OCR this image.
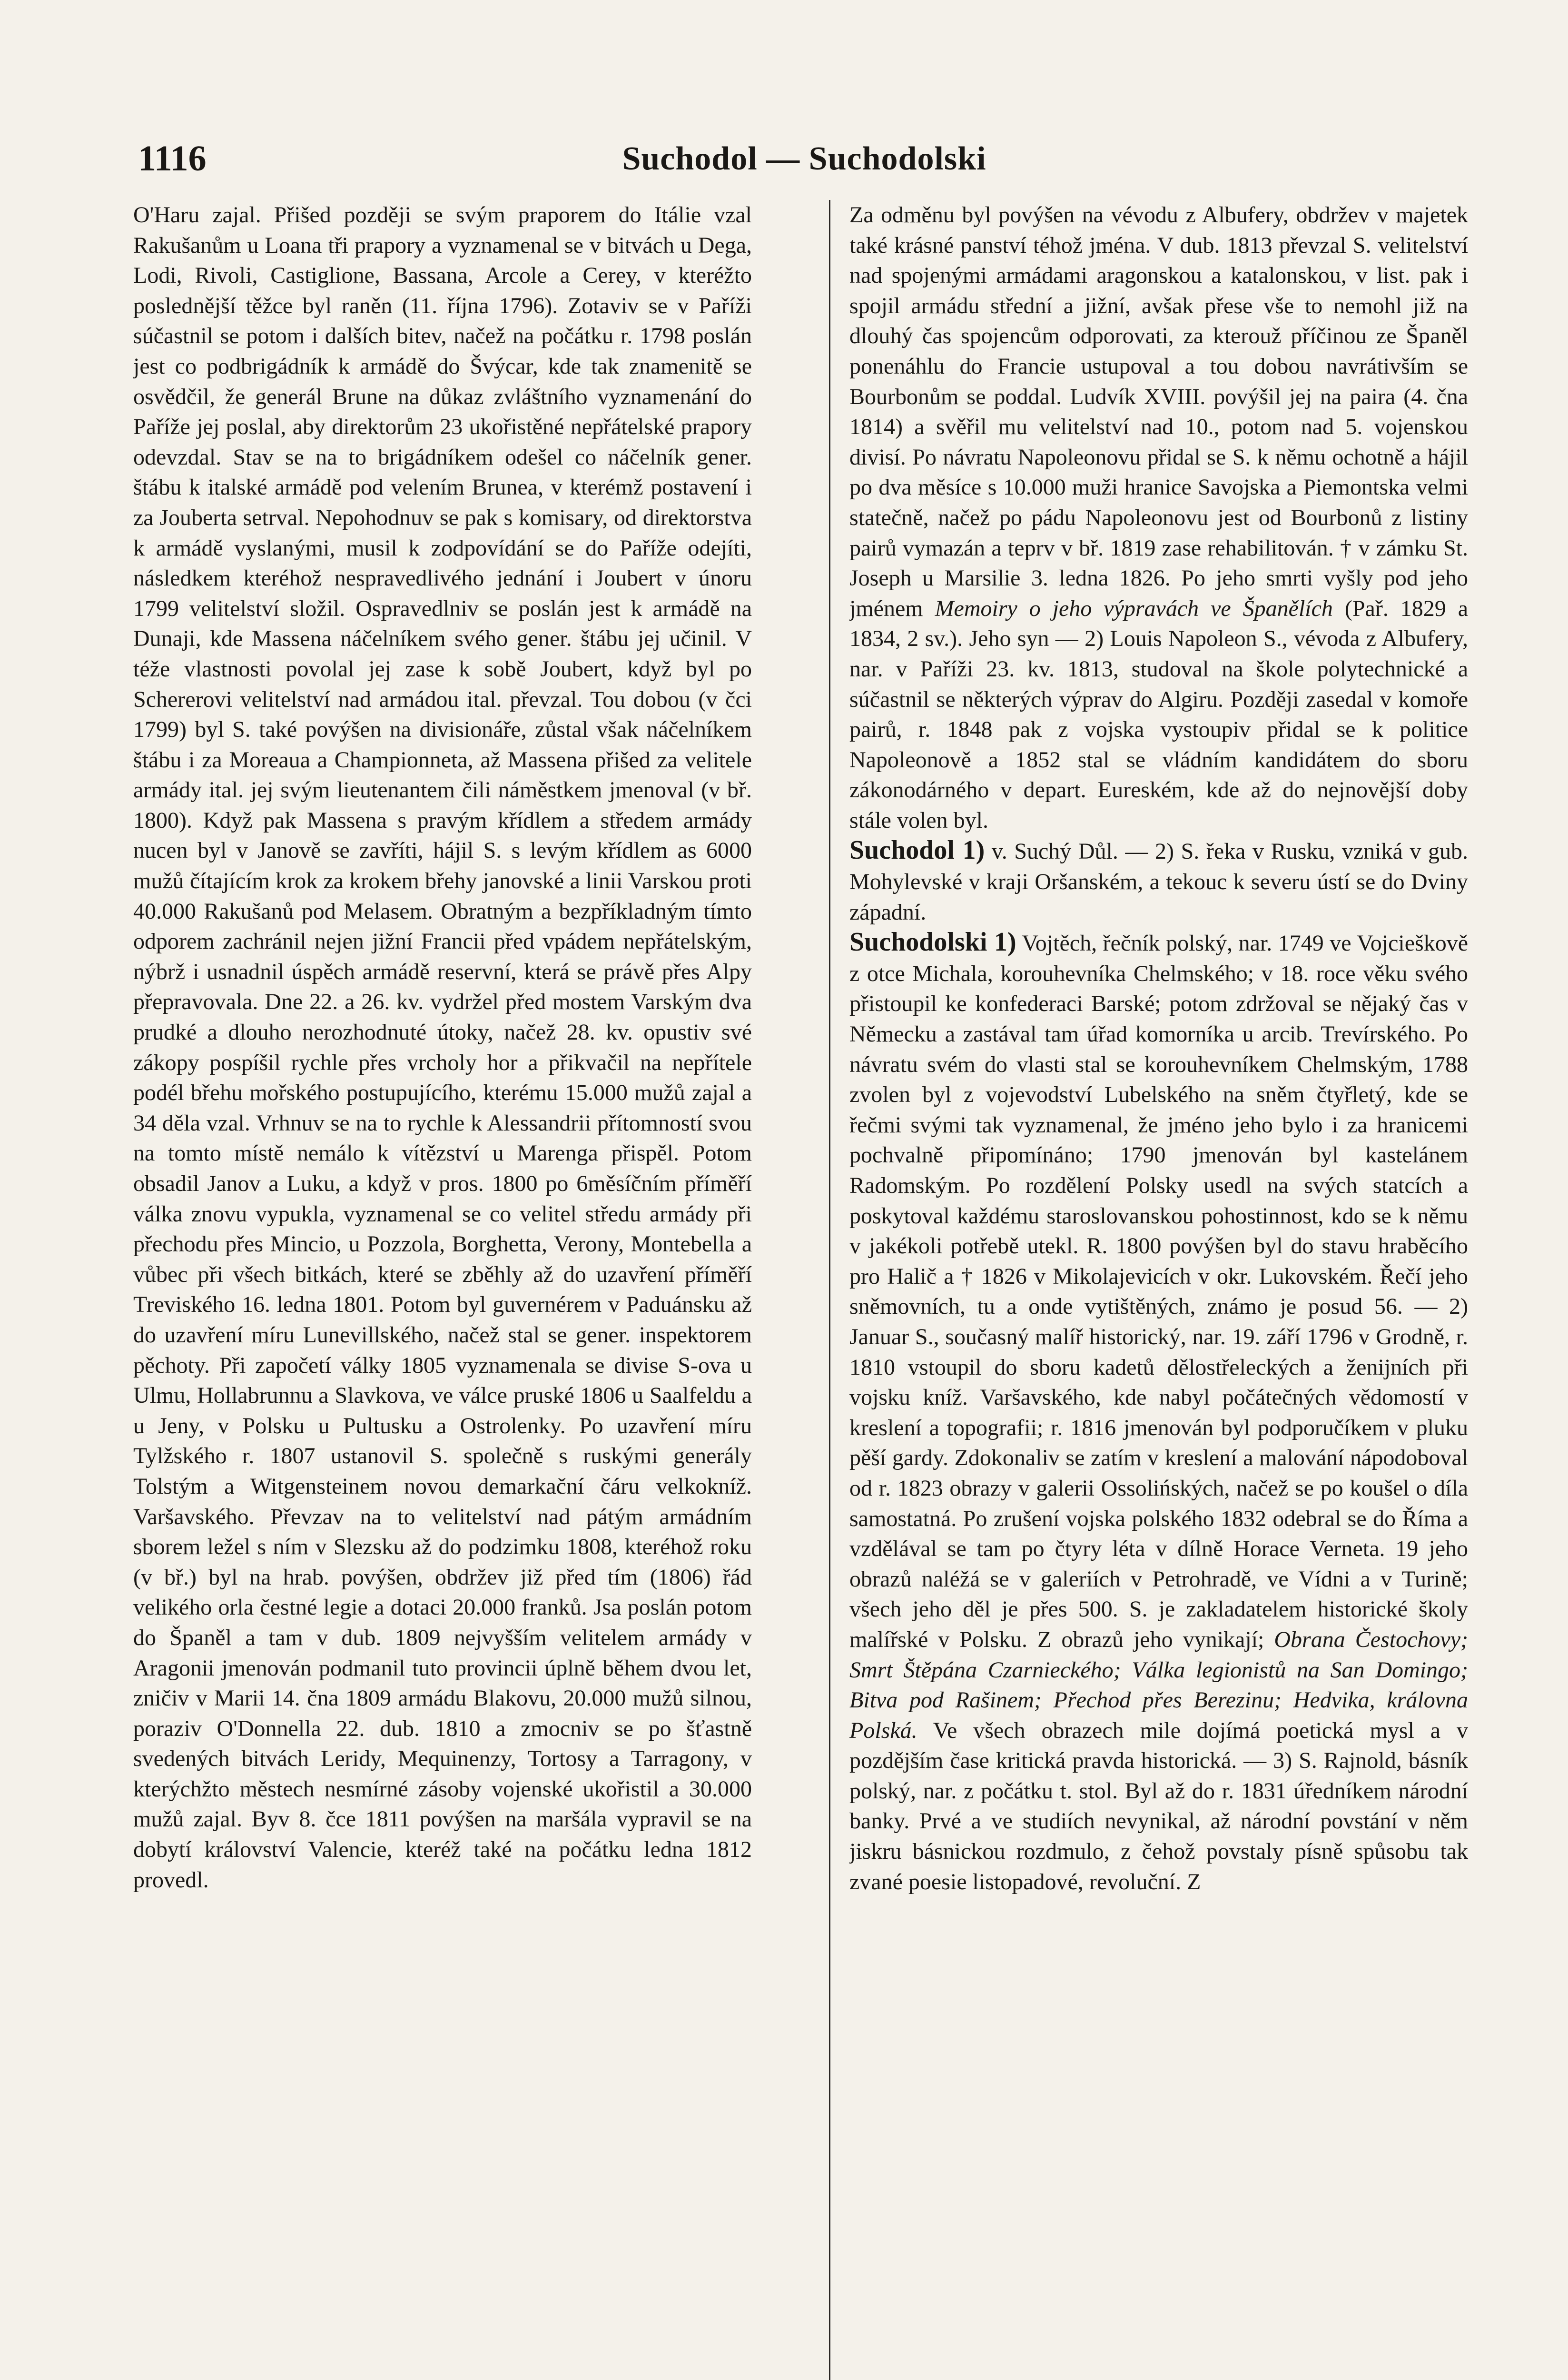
1116	Suchodol — Suchodolski

O'Haru zajal. Přišed později se svým praporem do Itálie vzal Rakušanům u Loana tři prapory a vyznamenal se v bitvách u Dega, Lodi, Rivoli, Castiglione, Bassana, Arcole a Cerey, v kteréžto poslednější těžce byl raněn (11. října 1796). Zotaviv se v Paříži súčastnil se potom i dalších bitev, načež na počátku r. 1798 poslán jest co podbrigádník k armádě do Švýcar, kde tak znamenitě se osvědčil, že generál Brune na důkaz zvláštního vyznamenání do Paříže jej poslal, aby direktorům 23 ukořistěné nepřátelské prapory odevzdal. Stav se na to brigádníkem odešel co náčelník gener. štábu k italské armádě pod velením Brunea, v kterémž postavení i za Jouberta setrval. Nepohodnuv se pak s komisary, od direktorstva k armádě vyslanými, musil k zodpovídání se do Paříže odejíti, následkem kteréhož nespravedlivého jednání i Joubert v únoru 1799 velitelství složil. Ospravedlniv se poslán jest k armádě na Dunaji, kde Massena náčelníkem svého gener. štábu jej učinil. V téže vlastnosti povolal jej zase k sobě Joubert, když byl po Schererovi velitelství nad armádou ital. převzal. Tou dobou (v čci 1799) byl S. také povýšen na divisionáře, zůstal však náčelníkem štábu i za Moreaua a Championneta, až Massena přišed za velitele armády ital. jej svým lieutenantem čili náměstkem jmenoval (v bř. 1800). Když pak Massena s pravým křídlem a středem armády nucen byl v Janově se zavříti, hájil S. s levým křídlem as 6000 mužů čítajícím krok za krokem břehy janovské a linii Varskou proti 40.000 Rakušanů pod Melasem. Obratným a bezpříkladným tímto odporem zachránil nejen jižní Francii před vpádem nepřátelským, nýbrž i usnadnil úspěch armádě reservní, která se právě přes Alpy přepravovala. Dne 22. a 26. kv. vydržel před mostem Varským dva prudké a dlouho nerozhodnuté útoky, načež 28. kv. opustiv své zákopy pospíšil rychle přes vrcholy hor a přikvačil na nepřítele podél břehu mořského postupujícího, kterému 15.000 mužů zajal a 34 děla vzal. Vrhnuv se na to rychle k Alessandrii přítomností svou na tomto místě nemálo k vítězství u Marenga přispěl. Potom obsadil Janov a Luku, a když v pros. 1800 po 6měsíčním příměří válka znovu vypukla, vyznamenal se co velitel středu armády při přechodu přes Mincio, u Pozzola, Borghetta, Verony, Montebella a vůbec při všech bitkách, které se zběhly až do uzavření příměří Treviského 16. ledna 1801. Potom byl guvernérem v Paduánsku až do uzavření míru Lunevillského, načež stal se gener. inspektorem pěchoty. Při započetí války 1805 vyznamenala se divise S-ova u Ulmu, Hollabrunnu a Slavkova, ve válce pruské 1806 u Saalfeldu a u Jeny, v Polsku u Pultusku a Ostrolenky. Po uzavření míru Tylžského r. 1807 ustanovil S. společně s ruskými generály Tolstým a Witgensteinem novou demarkační čáru velkokníž. Varšavského. Převzav na to velitelství nad pátým armádním sborem ležel s ním v Slezsku až do podzimku 1808, kteréhož roku (v bř.) byl na hrab. povýšen, obdržev již před tím (1806) řád velikého orla čestné legie a dotaci 20.000 franků. Jsa poslán potom do Španěl a tam v dub. 1809 nejvyšším velitelem armády v Aragonii jmenován podmanil tuto provincii úplně během dvou let, zničiv v Marii 14. čna 1809 armádu Blakovu, 20.000 mužů silnou, poraziv O'Donnella 22. dub. 1810 a zmocniv se po šťastně svedených bitvách Leridy, Mequinenzy, Tortosy a Tarragony, v kterýchžto městech nesmírné zásoby vojenské ukořistil a 30.000 mužů zajal. Byv 8. čce 1811 povýšen na maršála vypravil se na dobytí království Valencie, kteréž také na počátku ledna 1812 provedl.

Za odměnu byl povýšen na vévodu z Albufery, obdržev v majetek také krásné panství téhož jména. V dub. 1813 převzal S. velitelství nad spojenými armádami aragonskou a katalonskou, v list. pak i spojil armádu střední a jižní, avšak přese vše to nemohl již na dlouhý čas spojencům odporovati, za kterouž příčinou ze Španěl ponenáhlu do Francie ustupoval a tou dobou navrátivším se Bourbonům se poddal. Ludvík XVIII. povýšil jej na paira (4. čna 1814) a svěřil mu velitelství nad 10., potom nad 5. vojenskou divisí. Po návratu Napoleonovu přidal se S. k němu ochotně a hájil po dva měsíce s 10.000 muži hranice Savojska a Piemontska velmi statečně, načež po pádu Napoleonovu jest od Bourbonů z listiny pairů vymazán a teprv v bř. 1819 zase rehabilitován. † v zámku St. Joseph u Marsilie 3. ledna 1826. Po jeho smrti vyšly pod jeho jménem Memoiry o jeho výpravách ve Španělích (Pař. 1829 a 1834, 2 sv.). Jeho syn — 2) Louis Napoleon S., vévoda z Albufery, nar. v Paříži 23. kv. 1813, studoval na škole polytechnické a súčastnil se některých výprav do Algiru. Později zasedal v komoře pairů, r. 1848 pak z vojska vystoupiv přidal se k politice Napoleonově a 1852 stal se vládním kandidátem do sboru zákonodárného v depart. Eureském, kde až do nejnovější doby stále volen byl.

Suchodol 1) v. Suchý Důl. — 2) S. řeka v Rusku, vzniká v gub. Mohylevské v kraji Oršanském, a tekouc k severu ústí se do Dviny západní.

Suchodolski 1) Vojtěch, řečník polský, nar. 1749 ve Vojcieškově z otce Michala, korouhevníka Chelmského; v 18. roce věku svého přistoupil ke konfederaci Barské; potom zdržoval se nějaký čas v Německu a zastával tam úřad komorníka u arcib. Trevírského. Po návratu svém do vlasti stal se korouhevníkem Chelmským, 1788 zvolen byl z vojevodství Lubelského na sněm čtyřletý, kde se řečmi svými tak vyznamenal, že jméno jeho bylo i za hranicemi pochvalně připomínáno; 1790 jmenován byl kastelánem Radomským. Po rozdělení Polsky usedl na svých statcích a poskytoval každému staroslovanskou pohostinnost, kdo se k němu v jakékoli potřebě utekl. R. 1800 povýšen byl do stavu hraběcího pro Halič a † 1826 v Mikolajevicích v okr. Lukovském. Řečí jeho sněmovních, tu a onde vytištěných, známo je posud 56. — 2) Januar S., současný malíř historický, nar. 19. září 1796 v Grodně, r. 1810 vstoupil do sboru kadetů dělostřeleckých a ženijních při vojsku kníž. Varšavského, kde nabyl počátečných vědomostí v kreslení a topografii; r. 1816 jmenován byl podporučíkem v pluku pěší gardy. Zdokonaliv se zatím v kreslení a malování nápodoboval od r. 1823 obrazy v galerii Ossolińských, načež se po koušel o díla samostatná. Po zrušení vojska polského 1832 odebral se do Říma a vzdělával se tam po čtyry léta v dílně Horace Verneta. 19 jeho obrazů naléžá se v galeriích v Petrohradě, ve Vídni a v Turině; všech jeho děl je přes 500. S. je zakladatelem historické školy malířské v Polsku. Z obrazů jeho vynikají; Obrana Čestochovy; Smrt Štěpána Czarnieckého; Válka legionistů na San Domingo; Bitva pod Rašinem; Přechod přes Berezinu; Hedvika, královna Polská. Ve všech obrazech mile dojímá poetická mysl a v pozdějším čase kritická pravda historická. — 3) S. Rajnold, básník polský, nar. z počátku t. stol. Byl až do r. 1831 úředníkem národní banky. Prvé a ve studiích nevynikal, až národní povstání v něm jiskru básnickou rozdmulo, z čehož povstaly písně spůsobu tak zvané poesie listopadové, revoluční. Z
